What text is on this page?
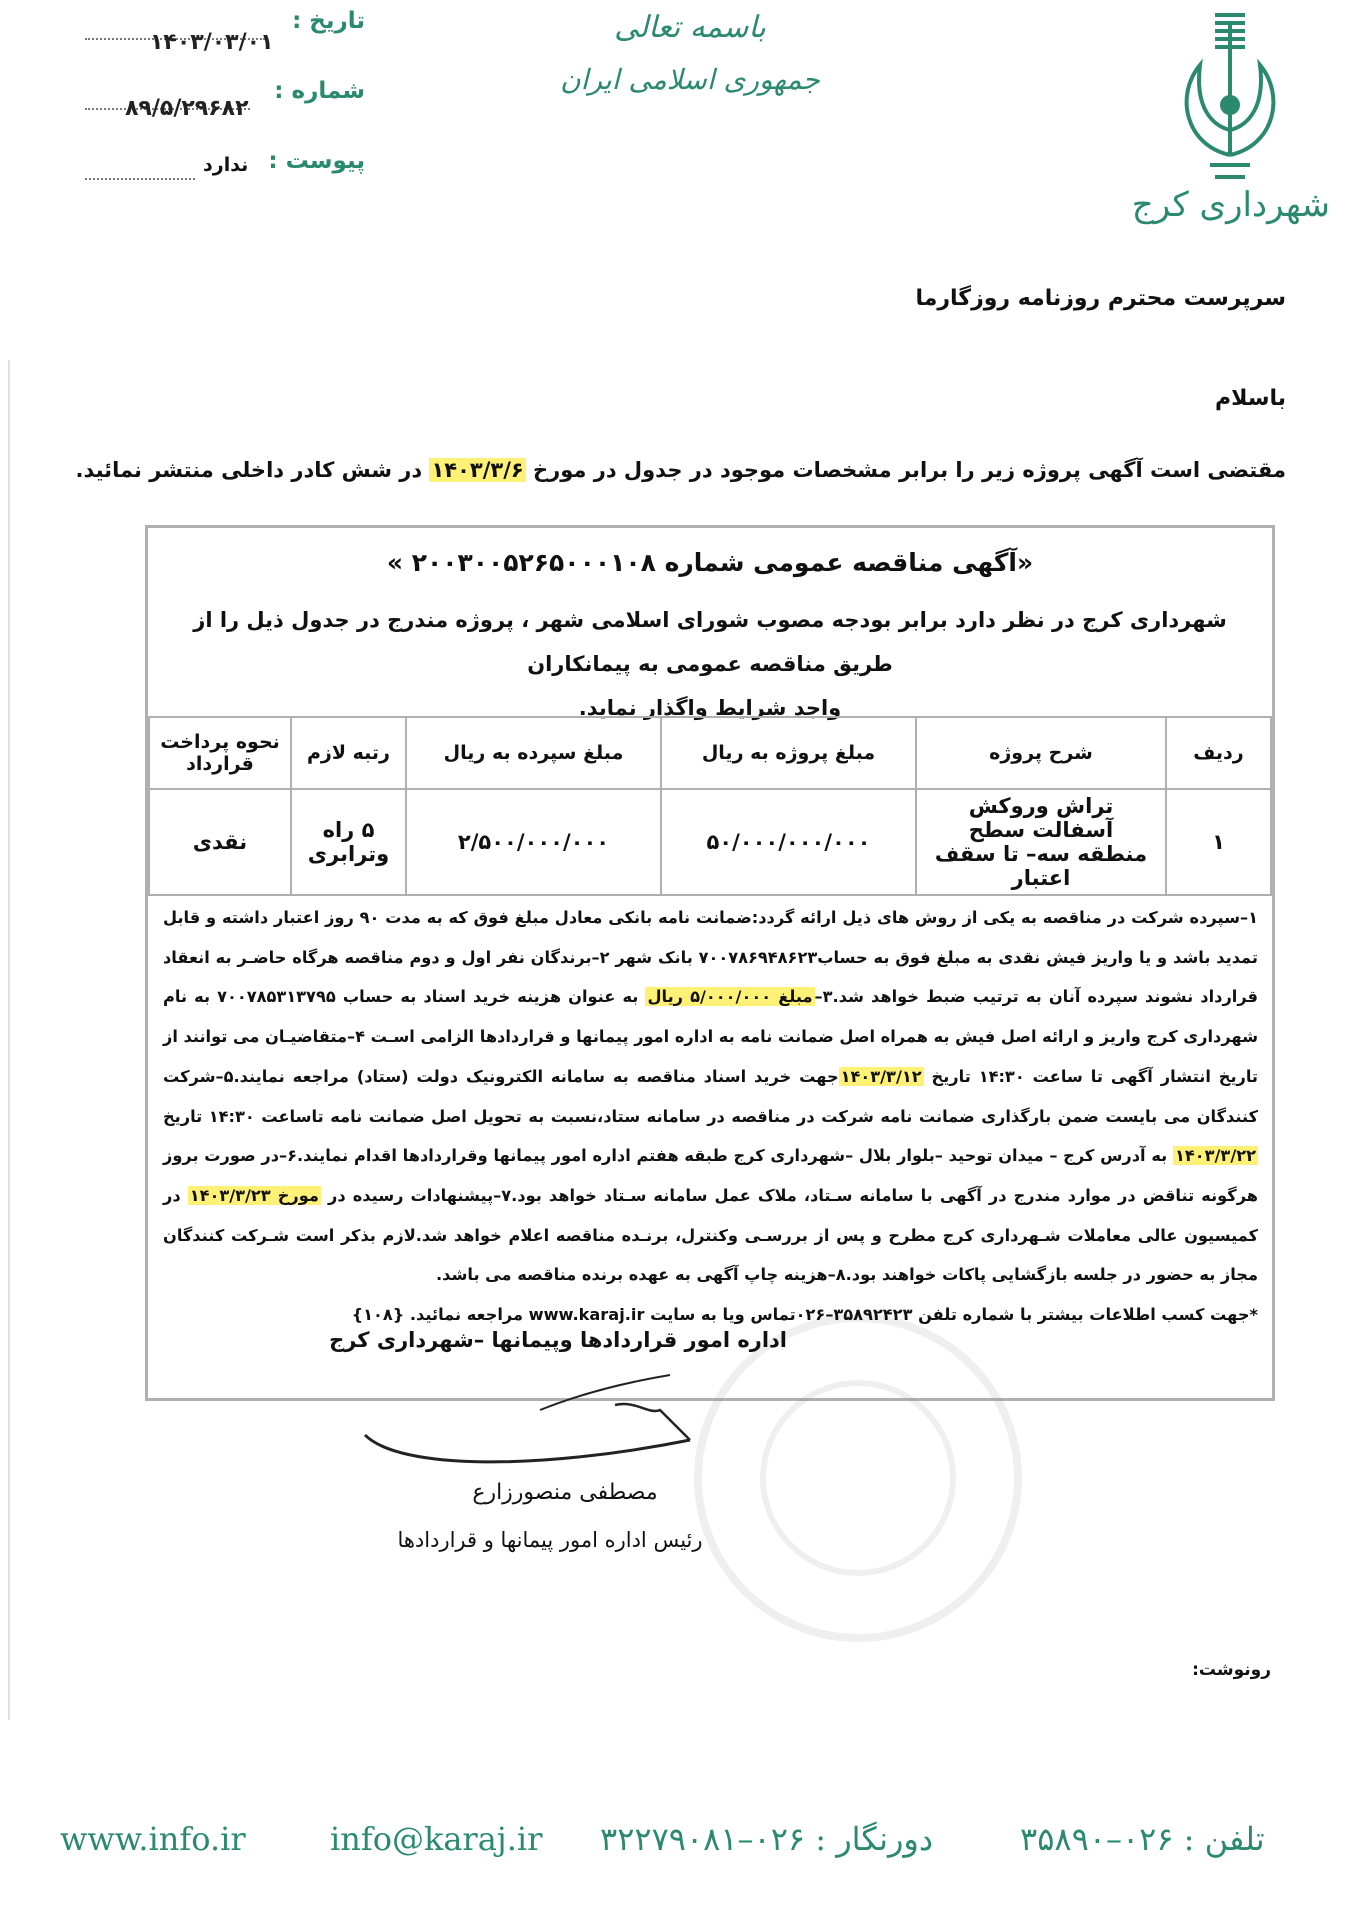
تاریخ :
۱۴۰۳/۰۳/۰۱
شماره :
۸۹/۵/۲۹۶۸۲
پیوست :
ندارد
باسمه تعالی
جمهوری اسلامی ایران
شهرداری کرج
سرپرست محترم روزنامه روزگارما
باسلام
مقتضی است آگهی پروژه زیر را برابر مشخصات موجود در جدول در مورخ ۱۴۰۳/۳/۶ در شش کادر داخلی منتشر نمائید.
«آگهی مناقصه عمومی شماره ۲۰۰۳۰۰۵۲۶۵۰۰۰۱۰۸ »
شهرداری کرج در نظر دارد برابر بودجه مصوب شورای اسلامی شهر ، پروژه مندرج در جدول ذیل را از طریق مناقصه عمومی به پیمانکاران
واجد شرایط واگذار نماید.
ردیف	شرح پروژه	مبلغ پروژه به ریال	مبلغ سپرده به ریال	رتبه لازم	نحوه پرداخت قرارداد
۱	تراش وروکش آسفالت سطح منطقه سه– تا سقف اعتبار	۵۰/۰۰۰/۰۰۰/۰۰۰	۲/۵۰۰/۰۰۰/۰۰۰	۵ راه وترابری	نقدی
۱–سپرده شرکت در مناقصه به یکی از روش های ذیل ارائه گردد:ضمانت نامه بانکی معادل مبلغ فوق که به مدت ۹۰ روز اعتبار داشته و قابل تمدید باشد و یا واریز فیش نقدی به مبلغ فوق به حساب۷۰۰۷۸۶۹۴۸۶۲۳ بانک شهر ۲–برندگان نفر اول و دوم مناقصه هرگاه حاضـر به انعقاد قرارداد نشوند سپرده آنان به ترتیب ضبط خواهد شد.۳–مبلغ ۵/۰۰۰/۰۰۰ ریال به عنوان هزینه خرید اسناد به حساب ۷۰۰۷۸۵۳۱۳۷۹۵ به نام شهرداری کرج واریز و ارائه اصل فیش به همراه اصل ضمانت نامه به اداره امور پیمانها و قراردادها الزامی اسـت ۴–متقاضیـان می توانند از تاریخ انتشار آگهی تا ساعت ۱۴:۳۰ تاریخ ۱۴۰۳/۳/۱۲جهت خرید اسناد مناقصه به سامانه الکترونیک دولت (ستاد) مراجعه نمایند.۵–شرکت کنندگان می بایست ضمن بارگذاری ضمانت نامه شرکت در مناقصه در سامانه ستاد،نسبت به تحویل اصل ضمانت نامه تاساعت ۱۴:۳۰ تاریخ ۱۴۰۳/۳/۲۲ به آدرس کرج – میدان توحید –بلوار بلال –شهرداری کرج طبقه هفتم اداره امور پیمانها وقراردادها اقدام نمایند.۶–در صورت بروز هرگونه تناقض در موارد مندرج در آگهی با سامانه سـتاد، ملاک عمل سامانه سـتاد خواهد بود.۷–پیشنهادات رسیده در مورخ ۱۴۰۳/۳/۲۳ در کمیسیون عالی معاملات شـهرداری کرج مطرح و پس از بررسـی وکنترل، برنـده مناقصه اعلام خواهد شد.لازم بذکر است شـرکت کنندگان مجاز به حضور در جلسه بازگشایی پاکات خواهند بود.۸–هزینه چاپ آگهی به عهده برنده مناقصه می باشد.
*جهت کسب اطلاعات بیشتر با شماره تلفن ۳۵۸۹۲۴۲۳–۰۲۶تماس ویا به سایت www.karaj.ir مراجعه نمائید. {۱۰۸}
اداره امور قراردادها وپیمانها –شهرداری کرج
مصطفی منصورزارع
رئیس اداره امور پیمانها و قراردادها
رونوشت:
www.info.ir	info@karaj.ir	دورنگار : ۰۲۶–۳۲۲۷۹۰۸۱	تلفن : ۰۲۶–۳۵۸۹۰
